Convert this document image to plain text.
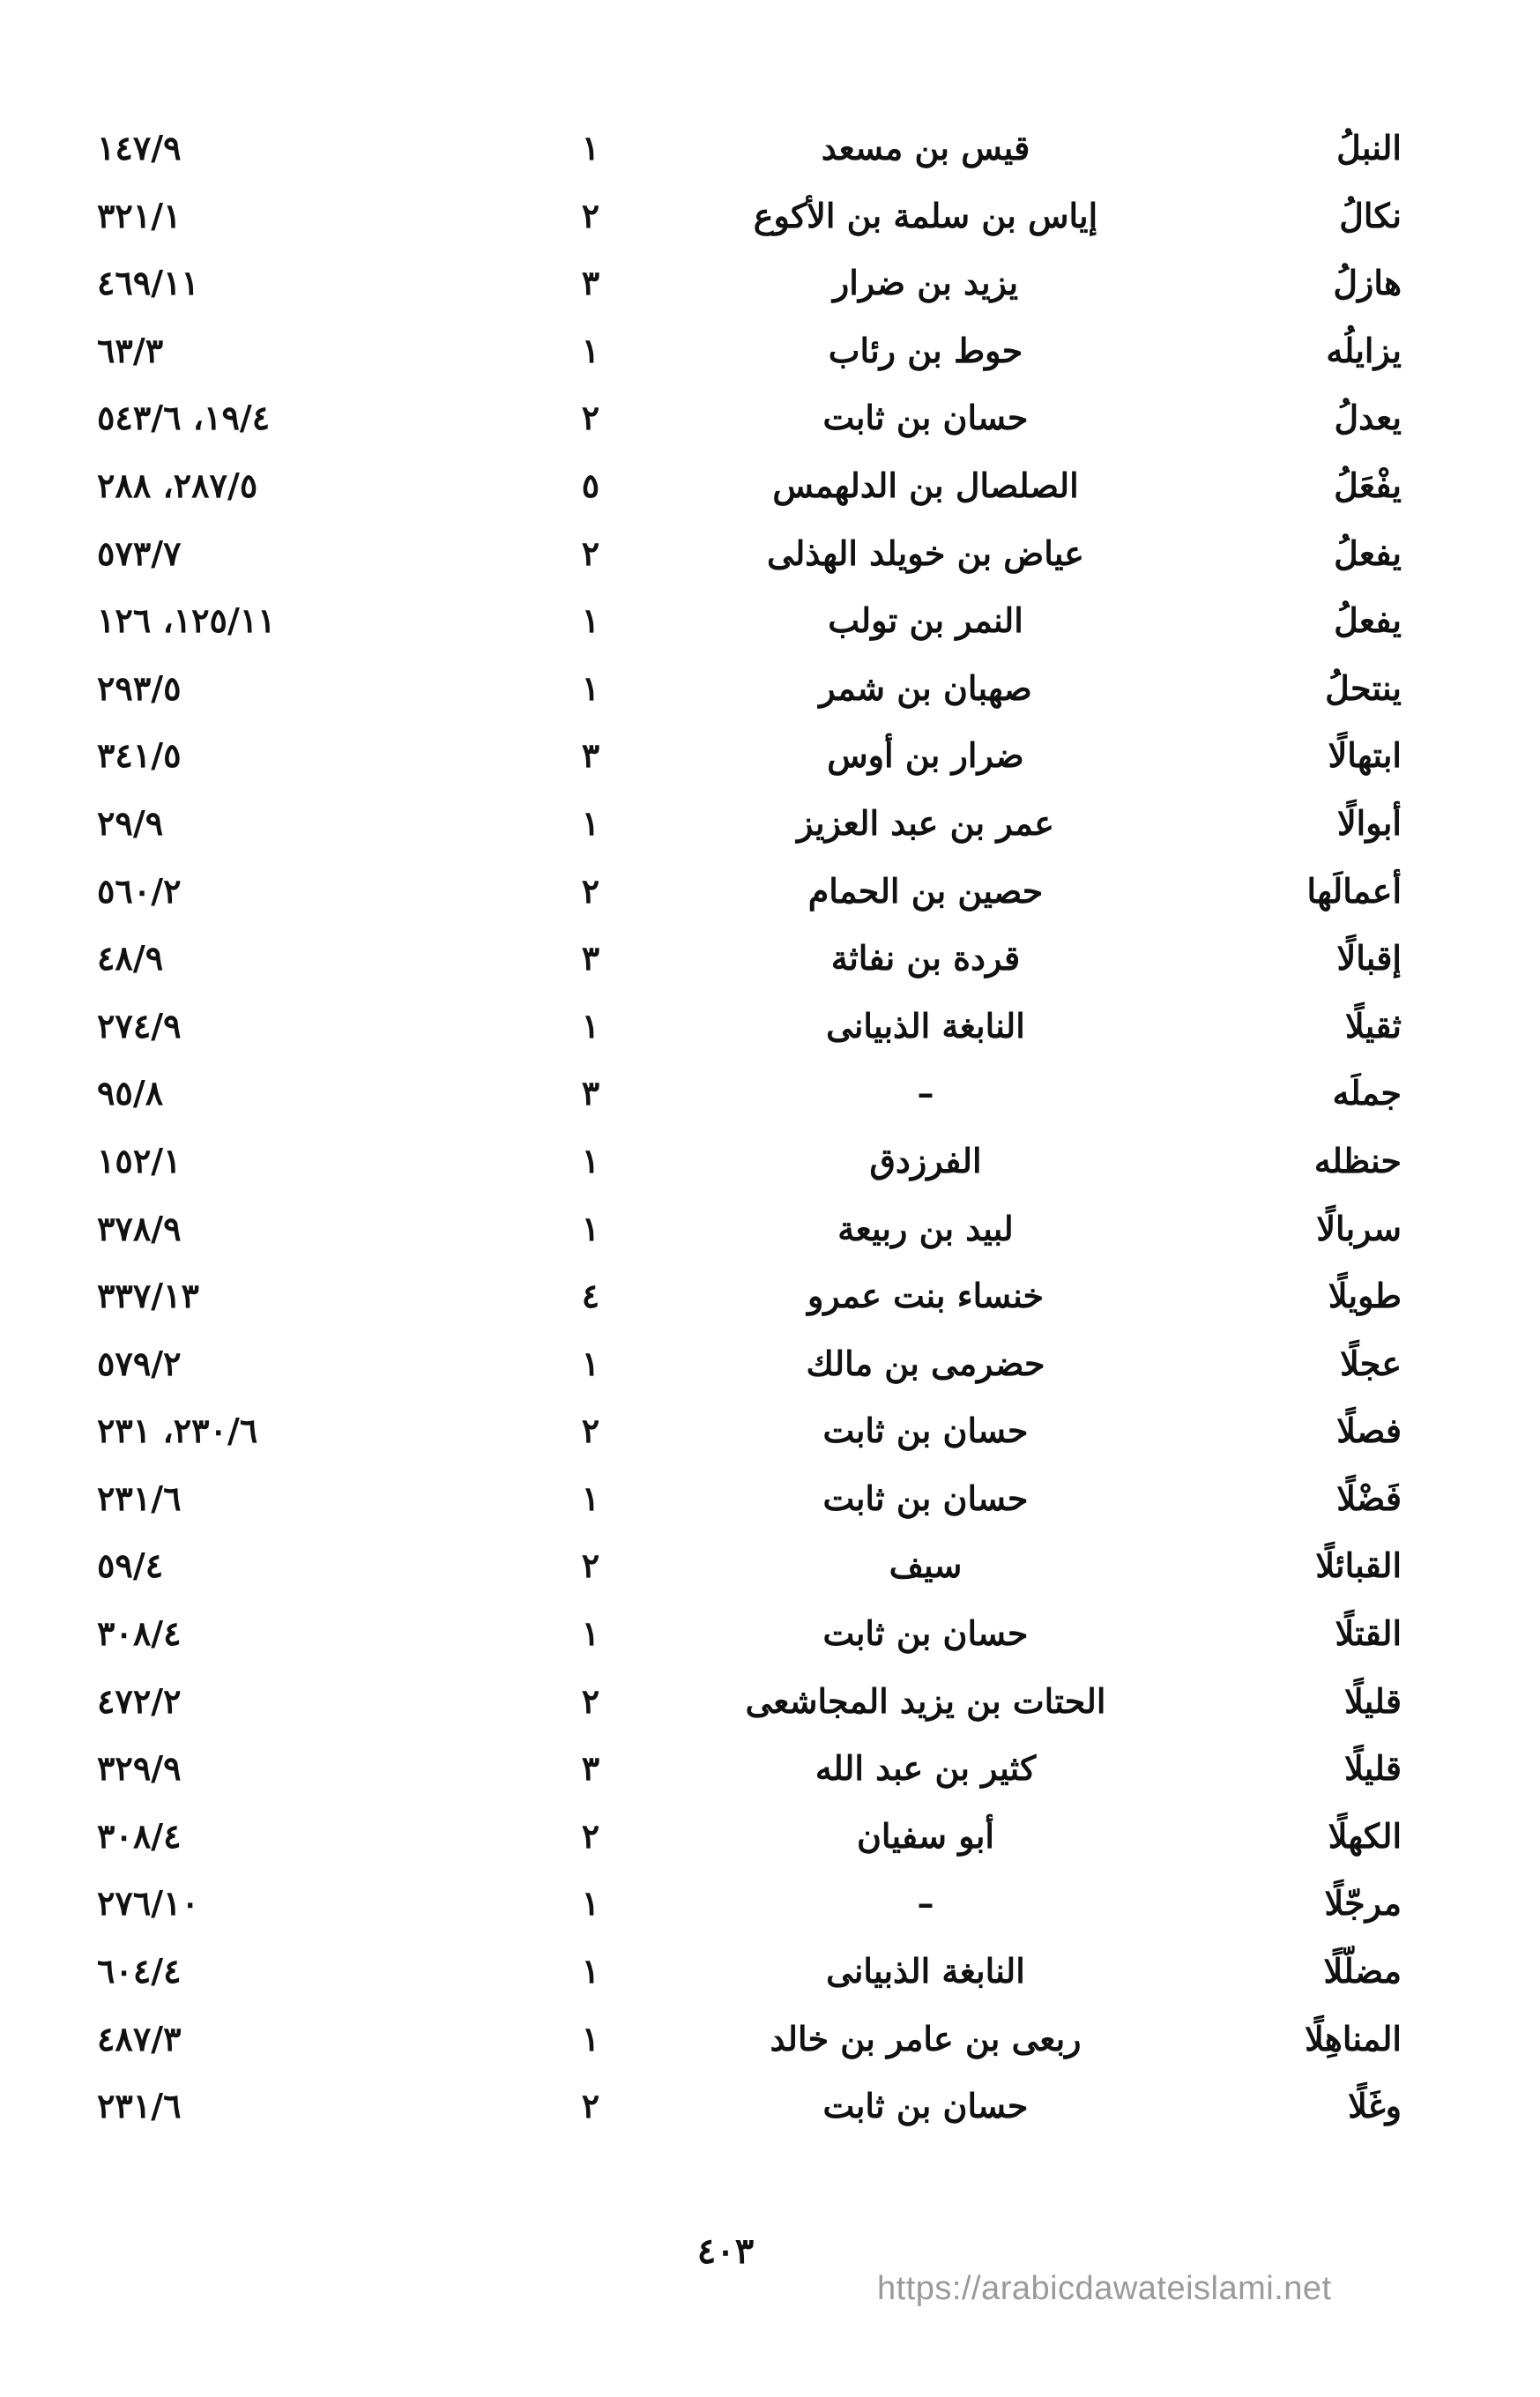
النبلُ
قيس بن مسعد
١
١٤٧/٩
نكالُ
إياس بن سلمة بن الأكوع
٢
٣٢١/١
هازلُ
يزيد بن ضرار
٣
٤٦٩/١١
يزايلُه
حوط بن رئاب
١
٦٣/٣
يعدلُ
حسان بن ثابت
٢
١٩/٤، ٥٤٣/٦
يفْعَلُ
الصلصال بن الدلهمس
٥
٢٨٧/٥، ٢٨٨
يفعلُ
عياض بن خويلد الهذلى
٢
٥٧٣/٧
يفعلُ
النمر بن تولب
١
١٢٥/١١، ١٢٦
ينتحلُ
صهبان بن شمر
١
٢٩٣/٥
ابتهالًا
ضرار بن أوس
٣
٣٤١/٥
أبوالًا
عمر بن عبد العزيز
١
٢٩/٩
أعمالَها
حصين بن الحمام
٢
٥٦٠/٢
إقبالًا
قردة بن نفاثة
٣
٤٨/٩
ثقيلًا
النابغة الذبيانى
١
٢٧٤/٩
جملَه
–
٣
٩٥/٨
حنظله
الفرزدق
١
١٥٢/١
سربالًا
لبيد بن ربيعة
١
٣٧٨/٩
طويلًا
خنساء بنت عمرو
٤
٣٣٧/١٣
عجلًا
حضرمى بن مالك
١
٥٧٩/٢
فصلًا
حسان بن ثابت
٢
٢٣٠/٦، ٢٣١
فَضْلًا
حسان بن ثابت
١
٢٣١/٦
القبائلًا
سيف
٢
٥٩/٤
القتلًا
حسان بن ثابت
١
٣٠٨/٤
قليلًا
الحتات بن يزيد المجاشعى
٢
٤٧٢/٢
قليلًا
كثير بن عبد الله
٣
٣٢٩/٩
الكهلًا
أبو سفيان
٢
٣٠٨/٤
مرجّلًا
–
١
٢٧٦/١٠
مضلّلًا
النابغة الذبيانى
١
٦٠٤/٤
المناهِلًا
ربعى بن عامر بن خالد
١
٤٨٧/٣
وغَلًا
حسان بن ثابت
٢
٢٣١/٦
٤٠٣
https://arabicdawateislami.net
